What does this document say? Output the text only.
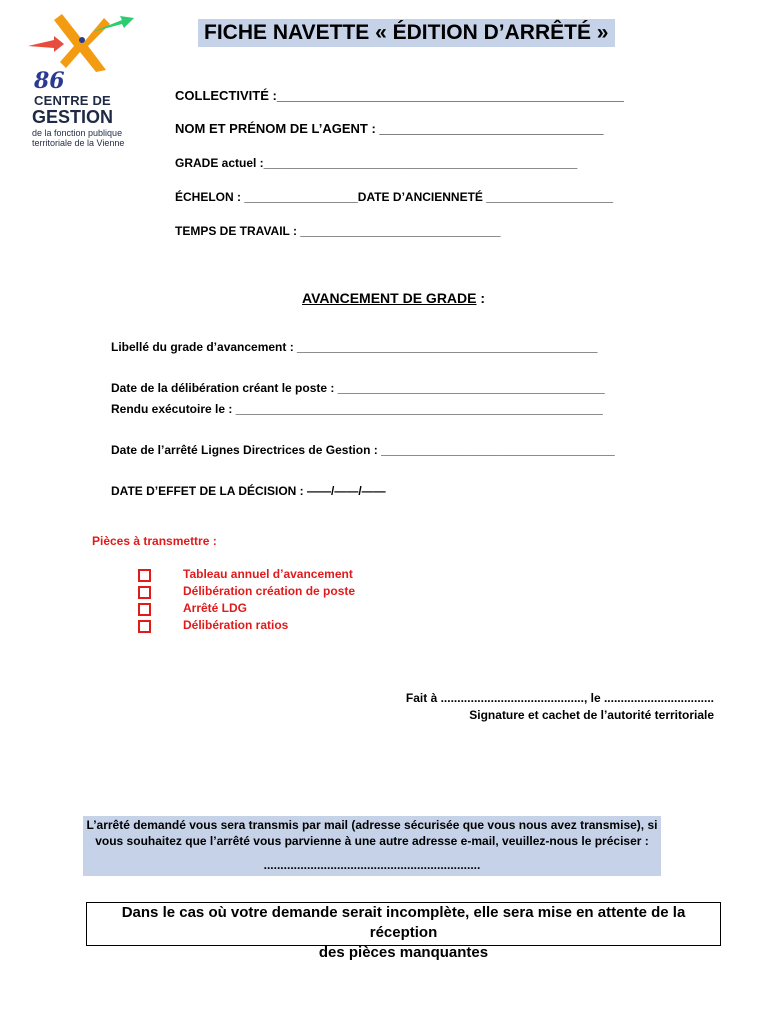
86
CENTRE DE
GESTION
de la fonction publique territoriale de la Vienne
FICHE NAVETTE « ÉDITION D’ARRÊTÉ »
COLLECTIVITÉ :________________________________________________
NOM ET PRÉNOM DE L’AGENT : _______________________________
GRADE actuel :_______________________________________________
ÉCHELON : _________________DATE D’ANCIENNETÉ ___________________
TEMPS DE TRAVAIL : ______________________________
AVANCEMENT DE GRADE :
Libellé du grade d’avancement : _____________________________________________
Date de la délibération créant le poste : ________________________________________
Rendu exécutoire le : _______________________________________________________
Date de l’arrêté Lignes Directrices de Gestion : ___________________________________
DATE D’EFFET DE LA DÉCISION : ——/——/——
Pièces à transmettre :
Tableau annuel d’avancement
Délibération création de poste
Arrêté LDG
Délibération ratios
Fait à ..........................................., le .................................
Signature et cachet de l’autorité territoriale
L’arrêté demandé vous sera transmis par mail (adresse sécurisée que vous nous avez transmise), si
vous souhaitez que l’arrêté vous parvienne à une autre adresse e-mail, veuillez-nous le préciser :
.................................................................
Dans le cas où votre demande serait incomplète, elle sera mise en attente de la réception
des pièces manquantes
